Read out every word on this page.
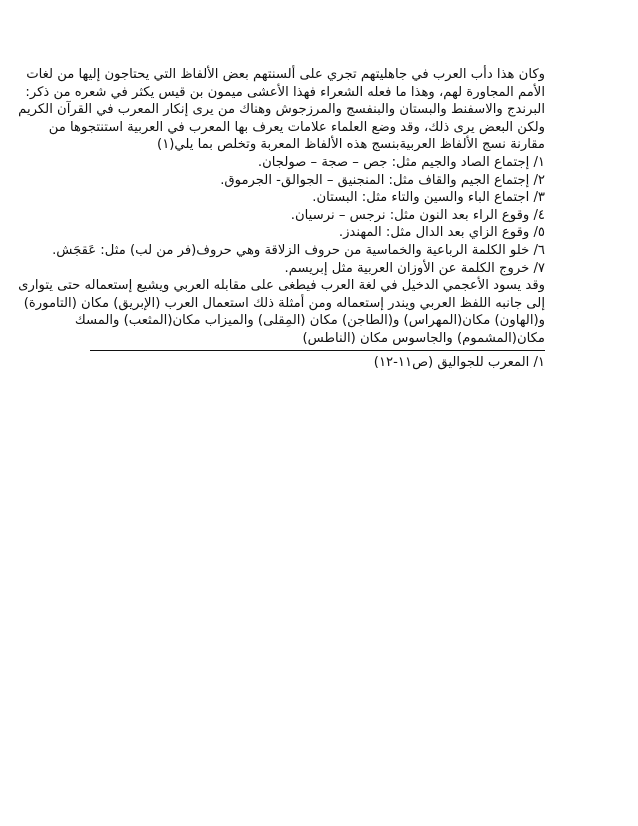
وكان هذا دأب العرب في جاهليتهم تجري على ألسنتهم بعض الألفاظ التي يحتاجون إليها من لغات
الأمم المجاورة لهم، وهذا ما فعله الشعراء فهذا الأعشى ميمون بن قيس يكثر في شعره من ذكر:
البرندج والاسفنط والبستان والبنفسج والمرزجوش وهناك من يرى إنكار المعرب في القرآن الكريم
ولكن البعض يرى ذلك، وقد وضع العلماء علامات يعرف بها المعرب في العربية استنتجوها من
مقارنة نسج الألفاظ العربيةبنسج هذه الألفاظ المعربة وتخلص بما يلي(١)
١/ إجتماع الصاد والجيم مثل: جص – صجة – صولجان.
٢/ إجتماع الجيم والقاف مثل: المنجنيق – الجوالق- الجرموق.
٣/ اجتماع الباء والسين والتاء مثل: البستان.
٤/ وقوع الراء بعد النون مثل: نرجس – نرسيان.
٥/ وقوع الزاي بعد الدال مثل: المهندز.
٦/ خلو الكلمة الرباعية والخماسية من حروف الزلاقة وهي حروف(فر من لب) مثل: عَقجَش.
٧/ خروج الكلمة عن الأوزان العربية مثل إبريسم.
وقد يسود الأعجمي الدخيل في لغة العرب فيطغى على مقابله العربي ويشيع إستعماله حتى يتوارى
إلى جانبه اللفظ العربي ويندر إستعماله ومن أمثلة ذلك استعمال العرب (الإبريق) مكان (التامورة)
و(الهاون) مكان(المهراس) و(الطاجن) مكان (المِقلى) والميزاب مكان(المثعب) والمسك
مكان(المشموم) والجاسوس مكان (الناطس)
١/ المعرب للجواليق (ص١١-١٢)
